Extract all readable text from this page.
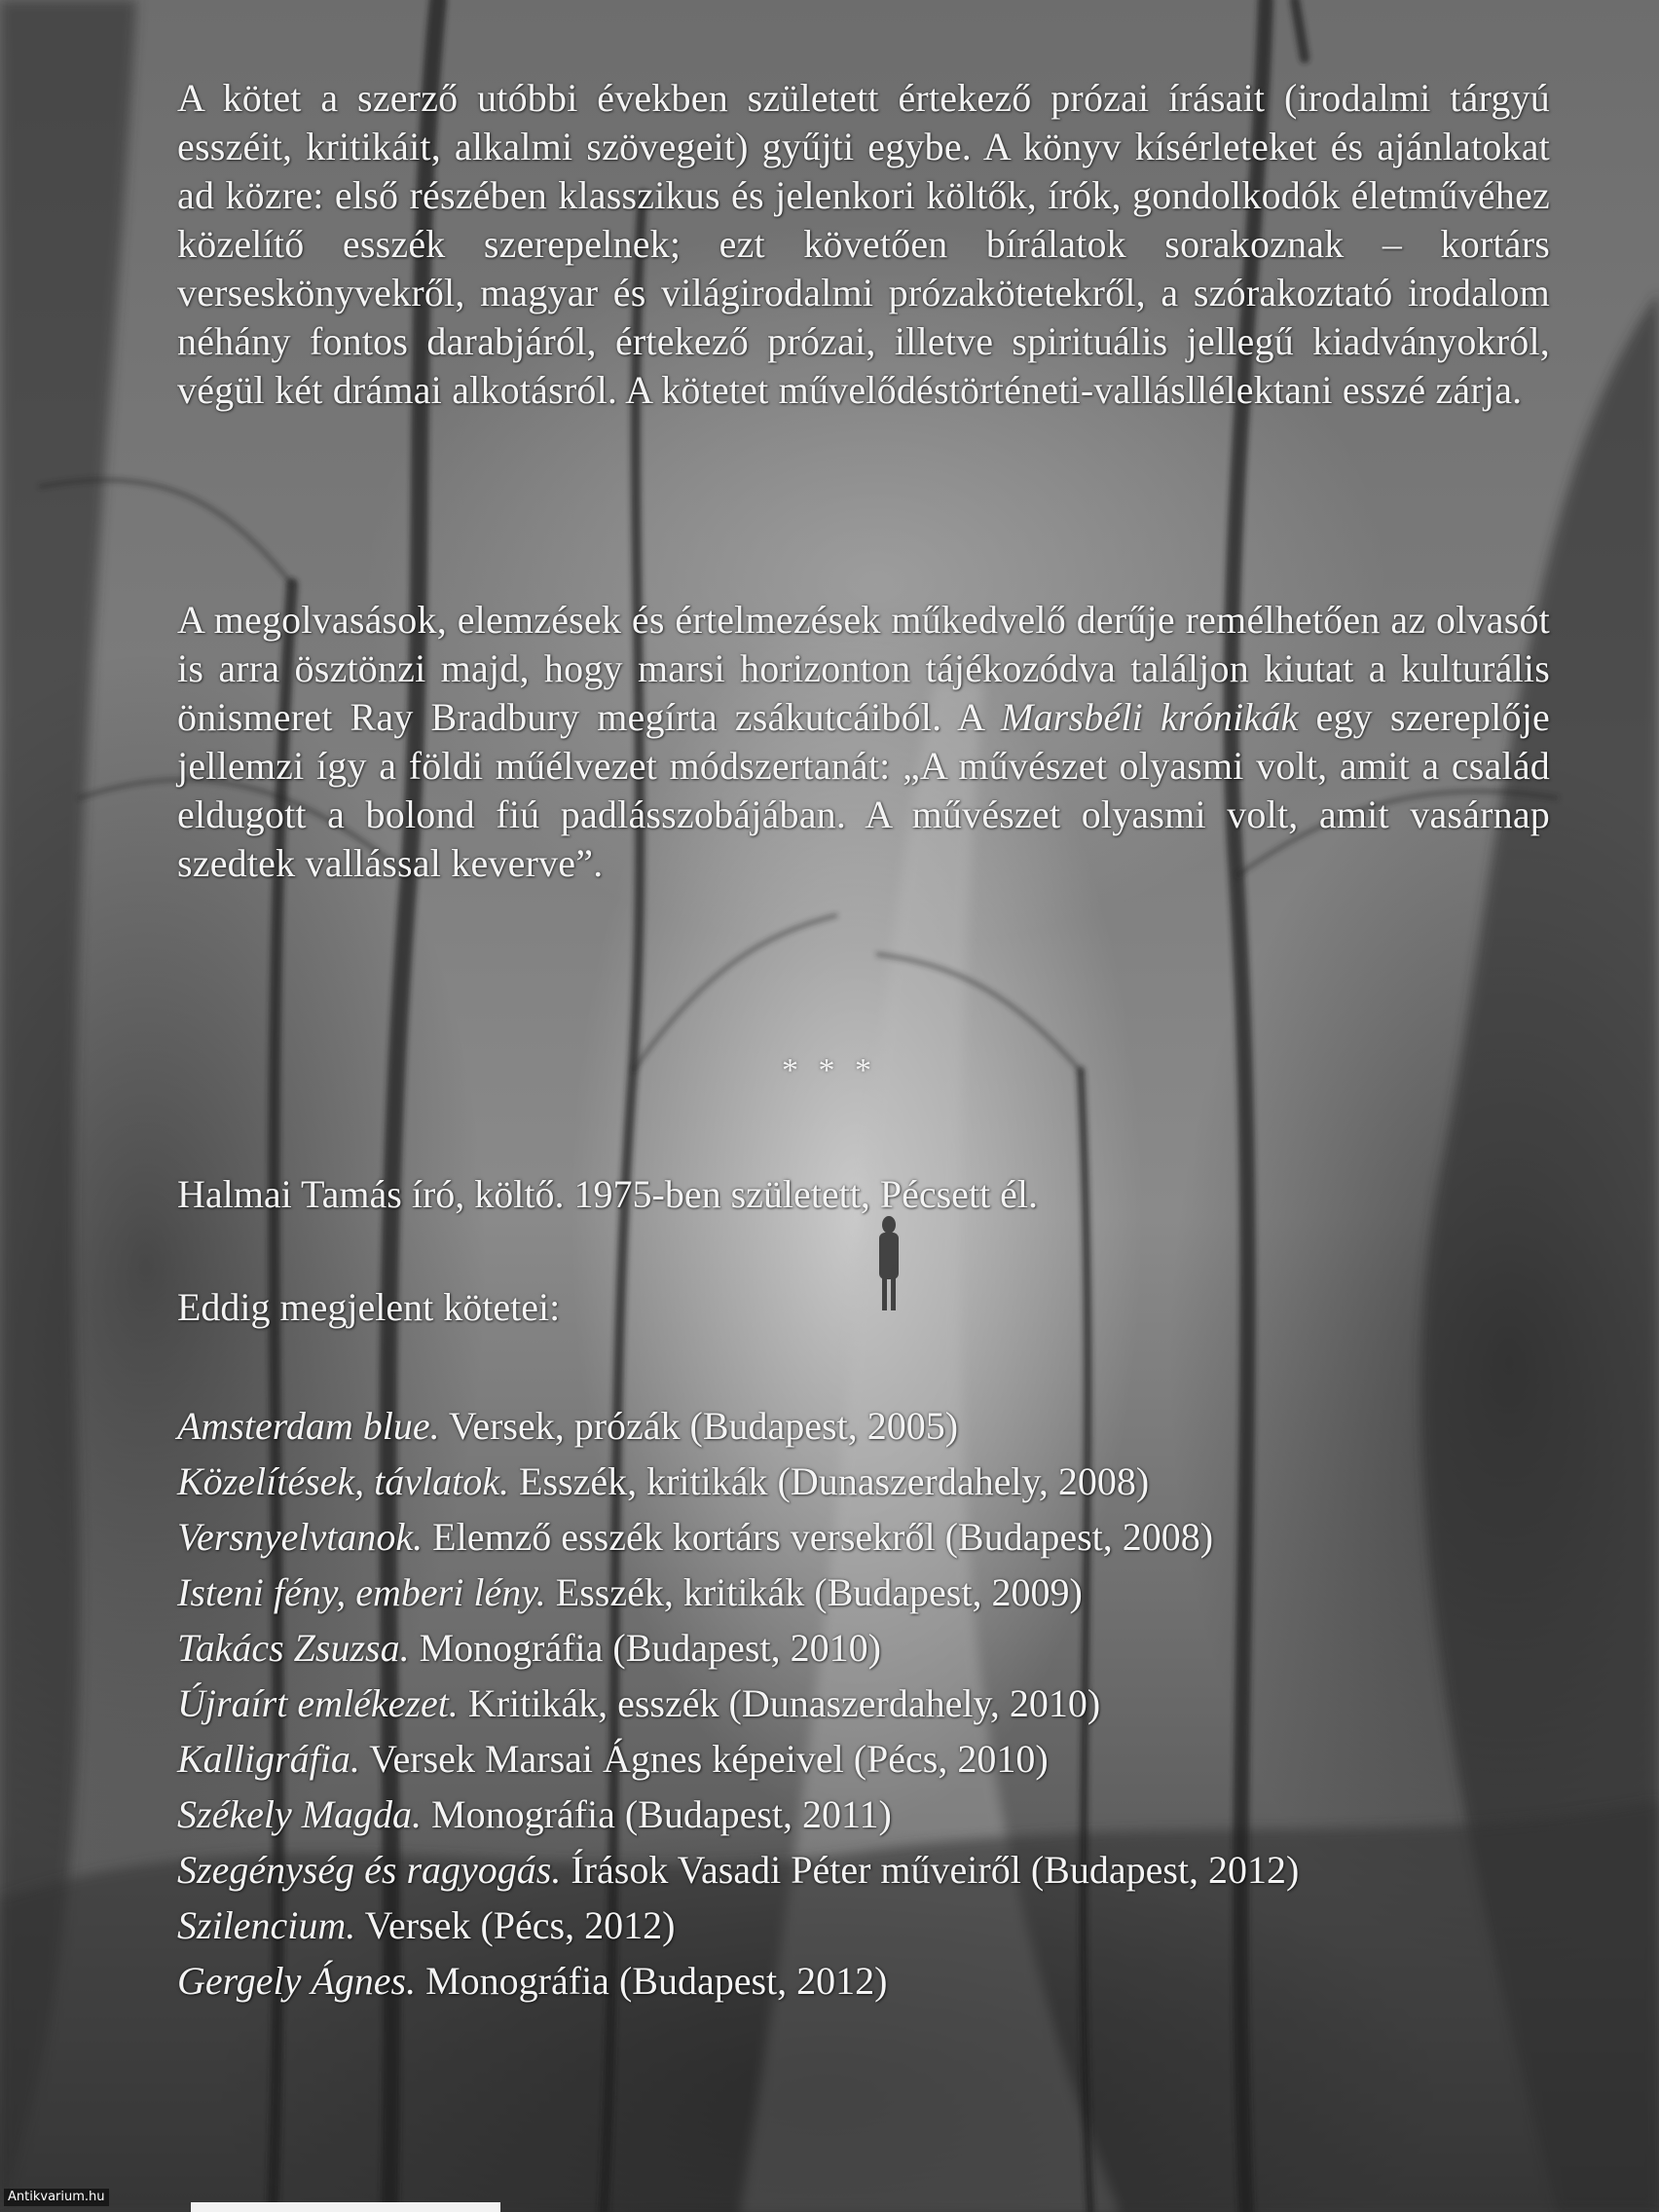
A kötet a szerző utóbbi években született értekező prózai írásait (irodalmi tárgyú esszéit, kritikáit, alkalmi szövegeit) gyűjti egybe. A könyv kísérleteket és ajánlatokat ad közre: első részében klasszikus és jelenkori költők, írók, gondolkodók életművéhez közelítő esszék szerepelnek; ezt követően bírálatok sorakoznak – kortárs verseskönyvekről, magyar és világirodalmi prózakötetekről, a szórakoztató irodalom néhány fontos darabjáról, értekező prózai, illetve spirituális jellegű kiadványokról, végül két drámai alkotásról. A kötetet művelődéstörténeti-vallásllélektani esszé zárja.

A megolvasások, elemzések és értelmezések műkedvelő derűje remélhetően az olvasót is arra ösztönzi majd, hogy marsi horizonton tájékozódva találjon kiutat a kulturális önismeret Ray Bradbury megírta zsákutcáiból. A Marsbéli krónikák egy szereplője jellemzi így a földi műélvezet módszertanát: „A művészet olyasmi volt, amit a család eldugott a bolond fiú padlásszobájában. A művészet olyasmi volt, amit vasárnap szedtek vallással keverve”.

* * *
Halmai Tamás író, költő. 1975-ben született, Pécsett él.
Eddig megjelent kötetei:
Amsterdam blue. Versek, prózák (Budapest, 2005)
Közelítések, távlatok. Esszék, kritikák (Dunaszerdahely, 2008)
Versnyelvtanok. Elemző esszék kortárs versekről (Budapest, 2008)
Isteni fény, emberi lény. Esszék, kritikák (Budapest, 2009)
Takács Zsuzsa. Monográfia (Budapest, 2010)
Újraírt emlékezet. Kritikák, esszék (Dunaszerdahely, 2010)
Kalligráfia. Versek Marsai Ágnes képeivel (Pécs, 2010)
Székely Magda. Monográfia (Budapest, 2011)
Szegénység és ragyogás. Írások Vasadi Péter műveiről (Budapest, 2012)
Szilencium. Versek (Pécs, 2012)
Gergely Ágnes. Monográfia (Budapest, 2012)
Antikvarium.hu
